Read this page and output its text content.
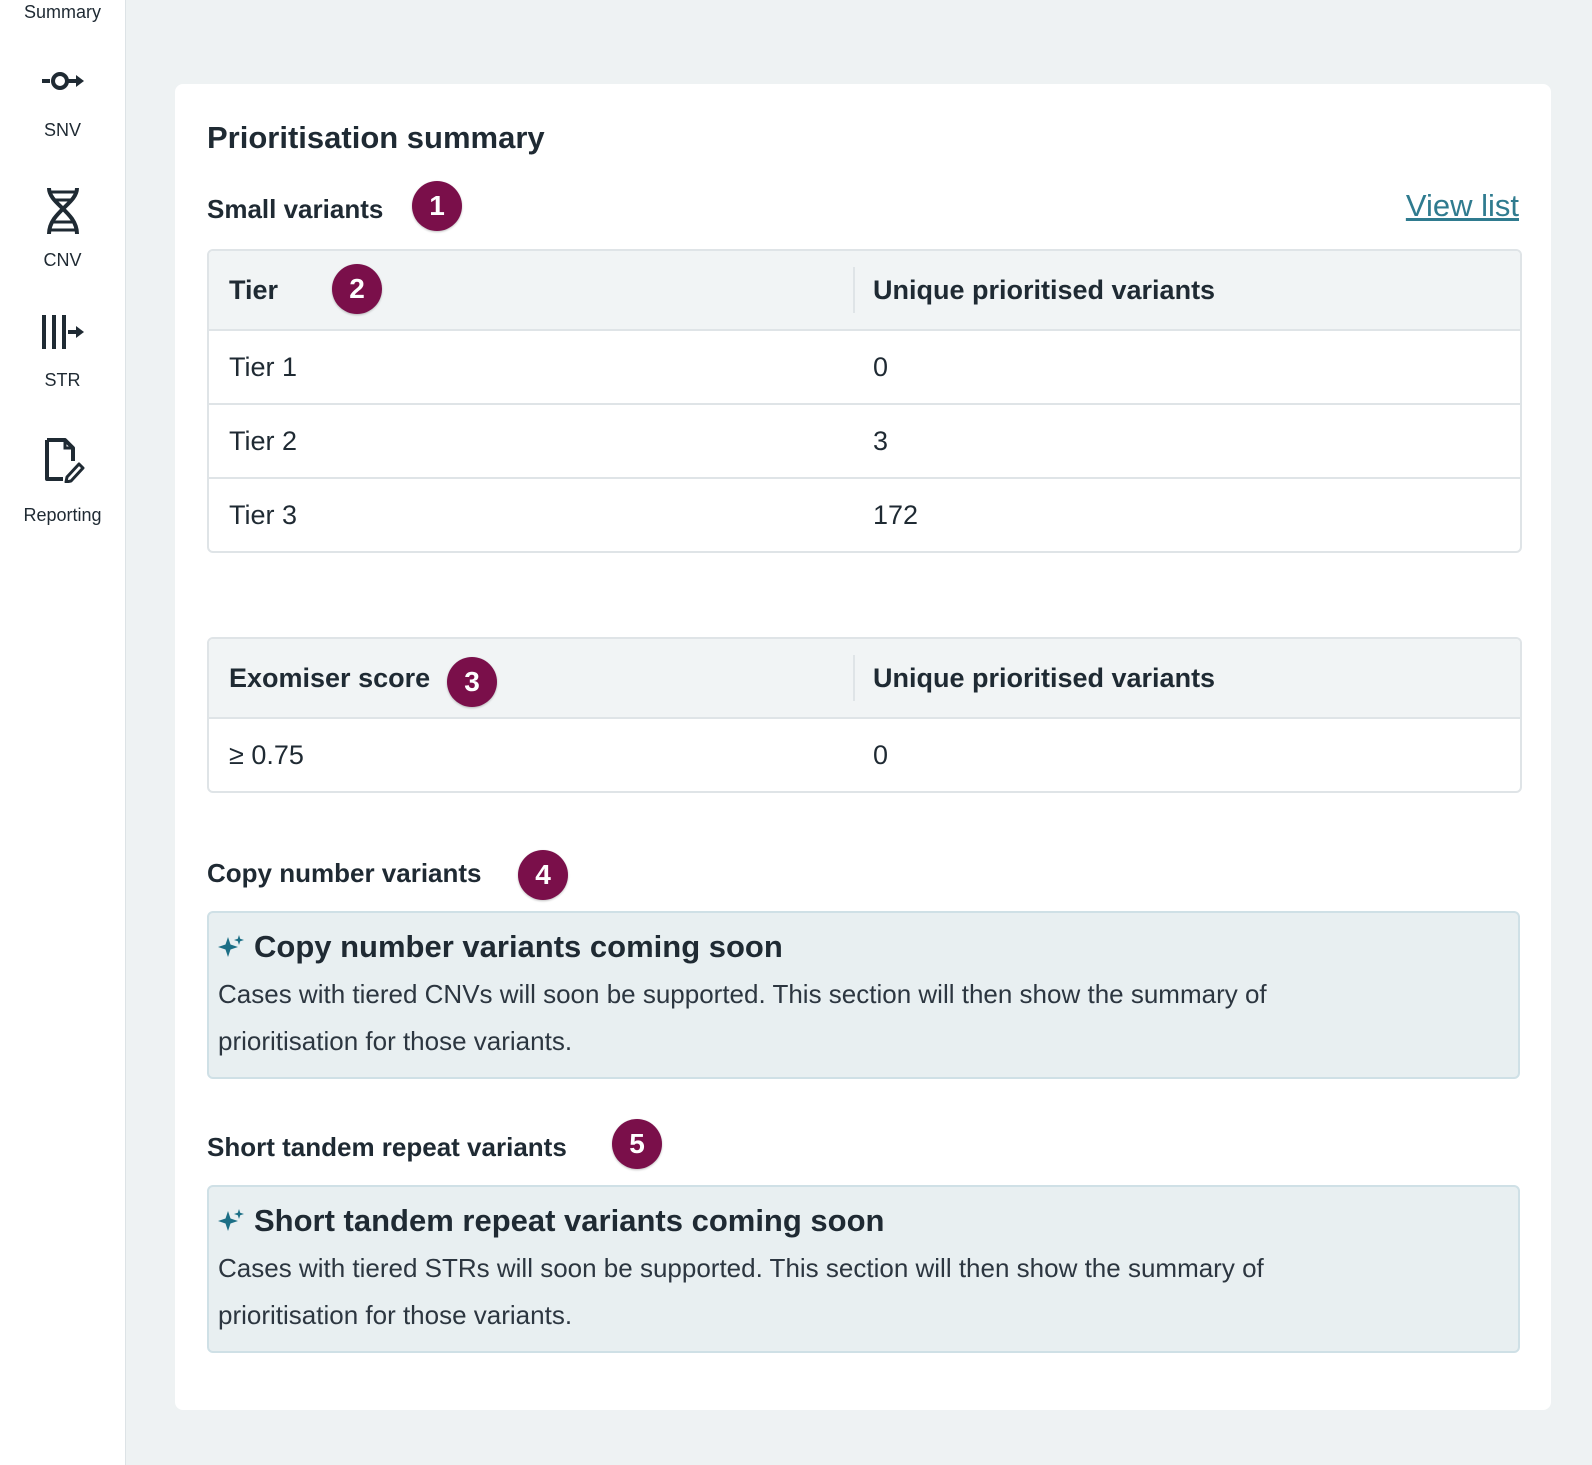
Summary
SNV
CNV
STR
Reporting
Prioritisation summary
Small variants	1	View list
Tier	Unique prioritised variants
Tier 1	0
Tier 2	3
Tier 3	172
2
Exomiser score	Unique prioritised variants
≥ 0.75	0
3
Copy number variants	4
Copy number variants coming soon
Cases with tiered CNVs will soon be supported. This section will then show the summary of
prioritisation for those variants.
Short tandem repeat variants	5
Short tandem repeat variants coming soon
Cases with tiered STRs will soon be supported. This section will then show the summary of
prioritisation for those variants.
